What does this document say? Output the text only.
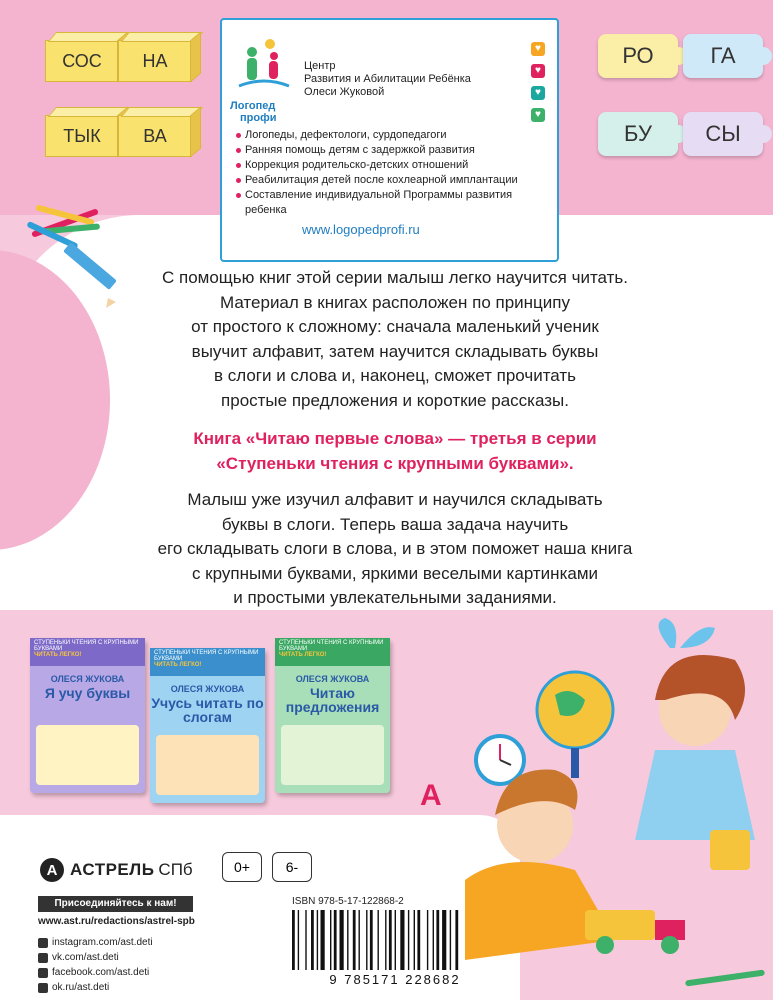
СОС НА
ТЫК ВА
РО	ГА
БУ СЫ
Логопед
профи
Центр
Развития и Абилитации Ребёнка
Олеси Жуковой
♥
♥
♥
♥
Логопеды, дефектологи, сурдопедагоги
Ранняя помощь детям с задержкой развития
Коррекция родительско-детских отношений
Реабилитация детей после кохлеарной имплантации
Составление индивидуальной Программы развития ребенка
www.logopedprofi.ru
С помощью книг этой серии малыш легко научится читать.
Материал в книгах расположен по принципу
от простого к сложному: сначала маленький ученик
выучит алфавит, затем научится складывать буквы
в слоги и слова и, наконец, сможет прочитать
простые предложения и короткие рассказы.
Книга «Читаю первые слова» — третья в серии
«Ступеньки чтения с крупными буквами».
Малыш уже изучил алфавит и научился складывать
буквы в слоги. Теперь ваша задача научить
его складывать слоги в слова, и в этом поможет наша книга
с крупными буквами, яркими веселыми картинками
и простыми увлекательными заданиями.
СТУПЕНЬКИ ЧТЕНИЯ С КРУПНЫМИ БУКВАМИ
ЧИТАТЬ ЛЕГКО!
ОЛЕСЯ ЖУКОВА
Я учу буквы
СТУПЕНЬКИ ЧТЕНИЯ С КРУПНЫМИ БУКВАМИ
ЧИТАТЬ ЛЕГКО!
ОЛЕСЯ ЖУКОВА
Учусь читать по слогам
СТУПЕНЬКИ ЧТЕНИЯ С КРУПНЫМИ БУКВАМИ
ЧИТАТЬ ЛЕГКО!
ОЛЕСЯ ЖУКОВА
Читаю предложения
A
А АСТРЕЛЬ СПб	0+	6-
Присоединяйтесь к нам!
www.ast.ru/redactions/astrel-spb
instagram.com/ast.deti
vk.com/ast.deti
facebook.com/ast.deti
ok.ru/ast.deti
ISBN 978-5-17-122868-2
9 785171 228682
